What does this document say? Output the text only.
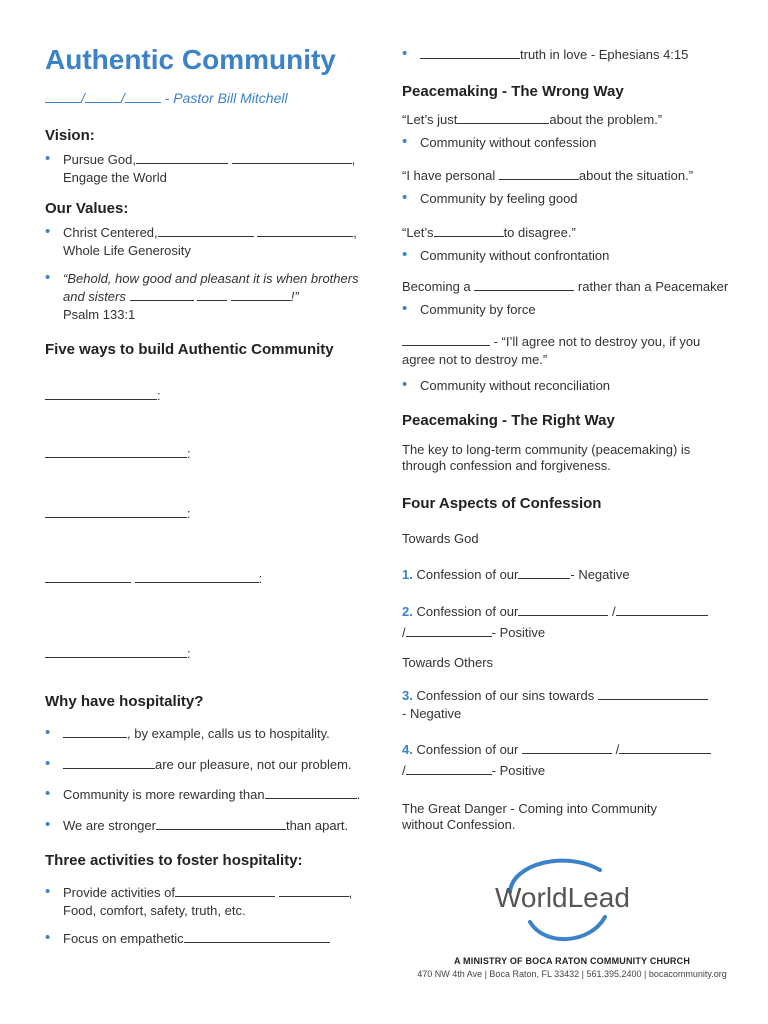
Authentic Community
/	/	- Pastor Bill Mitchell
Vision:
• Pursue God,	,
Engage the World
Our Values:
• Christ Centered,	,
Whole Life Generosity
• “Behold, how good and pleasant it is when brothers
and sisters	!”
Psalm 133:1
Five ways to build Authentic Community
:
:
:
:
:
Why have hospitality?
• , by example, calls us to hospitality.
• are our pleasure, not our problem.
• Community is more rewarding than	.
• We are stronger	than apart.
Three activities to foster hospitality:
• Provide activities of	,
Food, comfort, safety, truth, etc.
• Focus on empathetic
• truth in love - Ephesians 4:15
Peacemaking - The Wrong Way
“Let’s just	about the problem.”
• Community without confession
“I have personal	about the situation.”
• Community by feeling good
“Let’s	to disagree.”
• Community without confrontation
Becoming a	rather than a Peacemaker
• Community by force
- “I’ll agree not to destroy you, if you
agree not to destroy me.”
• Community without reconciliation
Peacemaking - The Right Way
The key to long-term community (peacemaking) is
through confession and forgiveness.
Four Aspects of Confession
Towards God
1. Confession of our	- Negative
2. Confession of our	/
/	- Positive
Towards Others
3. Confession of our sins towards
- Negative
4. Confession of our	/
/	- Positive
The Great Danger - Coming into Community
without Confession.
WorldLead
A MINISTRY OF BOCA RATON COMMUNITY CHURCH
470 NW 4th Ave | Boca Raton, FL 33432 | 561.395.2400 | bocacommunity.org
